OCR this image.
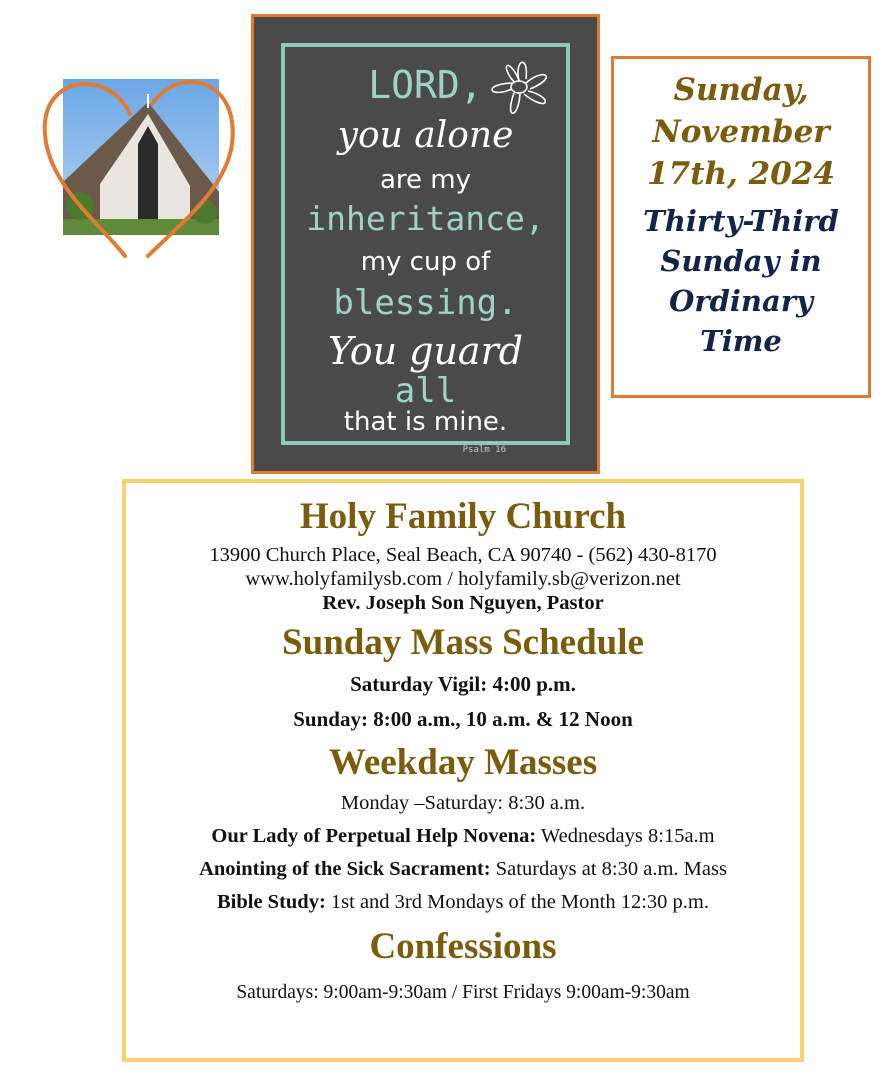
LORD,
you alone
are my
inheritance,
my cup of
blessing.
You guard
all
that is mine.
Psalm 16
Sunday,
November
17th, 2024
Thirty-Third
Sunday in
Ordinary
Time
Holy Family Church
13900 Church Place, Seal Beach, CA 90740 - (562) 430-8170
www.holyfamilysb.com / holyfamily.sb@verizon.net
Rev. Joseph Son Nguyen, Pastor
Sunday Mass Schedule
Saturday Vigil: 4:00 p.m.
Sunday: 8:00 a.m., 10 a.m. & 12 Noon
Weekday Masses
Monday –Saturday: 8:30 a.m.
Our Lady of Perpetual Help Novena: Wednesdays 8:15a.m
Anointing of the Sick Sacrament: Saturdays at 8:30 a.m. Mass
Bible Study: 1st and 3rd Mondays of the Month 12:30 p.m.
Confessions
Saturdays: 9:00am-9:30am / First Fridays 9:00am-9:30am
